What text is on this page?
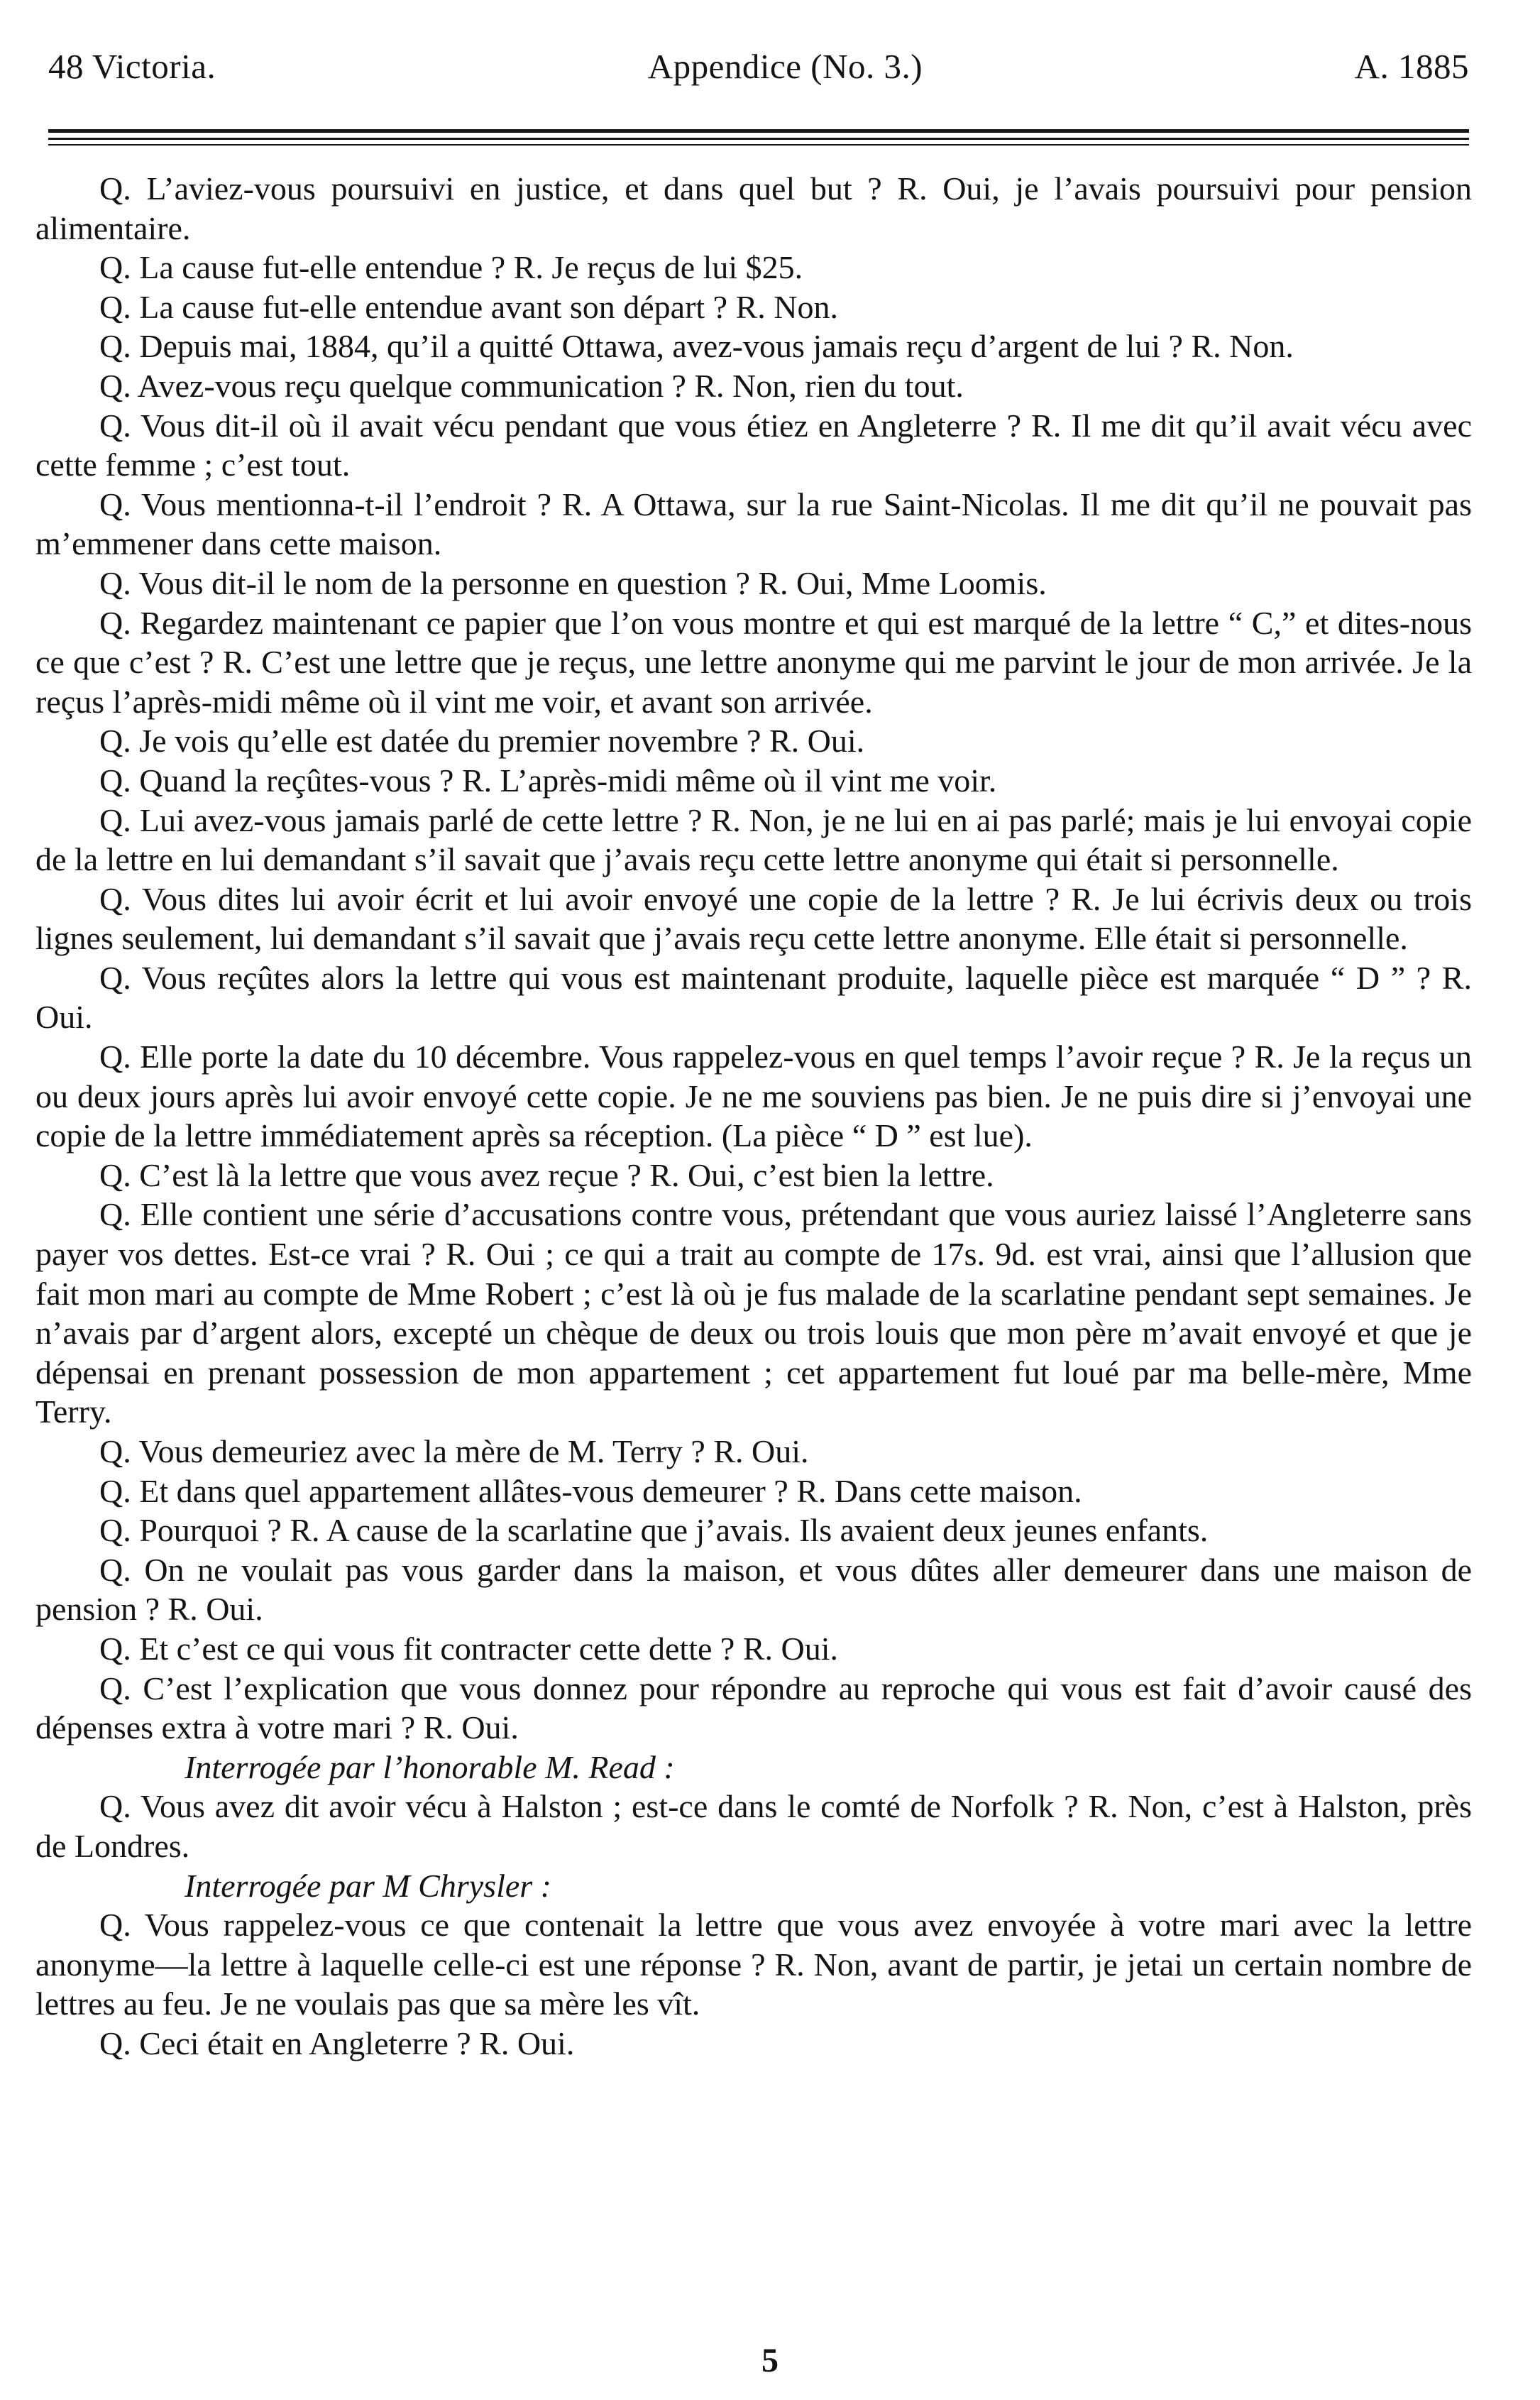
48 Victoria.	Appendice (No. 3.)	A. 1885

Q. L’aviez-vous poursuivi en justice, et dans quel but ? R. Oui, je l’avais poursuivi pour pension alimentaire.

Q. La cause fut-elle entendue ? R. Je reçus de lui $25.

Q. La cause fut-elle entendue avant son départ ? R. Non.

Q. Depuis mai, 1884, qu’il a quitté Ottawa, avez-vous jamais reçu d’argent de lui ? R. Non.

Q. Avez-vous reçu quelque communication ? R. Non, rien du tout.

Q. Vous dit-il où il avait vécu pendant que vous étiez en Angleterre ? R. Il me dit qu’il avait vécu avec cette femme ; c’est tout.

Q. Vous mentionna-t-il l’endroit ? R. A Ottawa, sur la rue Saint-Nicolas. Il me dit qu’il ne pouvait pas m’emmener dans cette maison.

Q. Vous dit-il le nom de la personne en question ? R. Oui, Mme Loomis.

Q. Regardez maintenant ce papier que l’on vous montre et qui est marqué de la lettre “ C,” et dites-nous ce que c’est ? R. C’est une lettre que je reçus, une lettre anonyme qui me parvint le jour de mon arrivée. Je la reçus l’après-midi même où il vint me voir, et avant son arrivée.

Q. Je vois qu’elle est datée du premier novembre ? R. Oui.

Q. Quand la reçûtes-vous ? R. L’après-midi même où il vint me voir.

Q. Lui avez-vous jamais parlé de cette lettre ? R. Non, je ne lui en ai pas parlé; mais je lui envoyai copie de la lettre en lui demandant s’il savait que j’avais reçu cette lettre anonyme qui était si personnelle.

Q. Vous dites lui avoir écrit et lui avoir envoyé une copie de la lettre ? R. Je lui écrivis deux ou trois lignes seulement, lui demandant s’il savait que j’avais reçu cette lettre anonyme. Elle était si personnelle.

Q. Vous reçûtes alors la lettre qui vous est maintenant produite, laquelle pièce est marquée “ D ” ? R. Oui.

Q. Elle porte la date du 10 décembre. Vous rappelez-vous en quel temps l’avoir reçue ? R. Je la reçus un ou deux jours après lui avoir envoyé cette copie. Je ne me souviens pas bien. Je ne puis dire si j’envoyai une copie de la lettre immédiatement après sa réception. (La pièce “ D ” est lue).

Q. C’est là la lettre que vous avez reçue ? R. Oui, c’est bien la lettre.

Q. Elle contient une série d’accusations contre vous, prétendant que vous auriez laissé l’Angleterre sans payer vos dettes. Est-ce vrai ? R. Oui ; ce qui a trait au compte de 17s. 9d. est vrai, ainsi que l’allusion que fait mon mari au compte de Mme Robert ; c’est là où je fus malade de la scarlatine pendant sept semaines. Je n’avais par d’argent alors, excepté un chèque de deux ou trois louis que mon père m’avait envoyé et que je dépensai en prenant possession de mon appartement ; cet appartement fut loué par ma belle-mère, Mme Terry.

Q. Vous demeuriez avec la mère de M. Terry ? R. Oui.

Q. Et dans quel appartement allâtes-vous demeurer ? R. Dans cette maison.

Q. Pourquoi ? R. A cause de la scarlatine que j’avais. Ils avaient deux jeunes enfants.

Q. On ne voulait pas vous garder dans la maison, et vous dûtes aller demeurer dans une maison de pension ? R. Oui.

Q. Et c’est ce qui vous fit contracter cette dette ? R. Oui.

Q. C’est l’explication que vous donnez pour répondre au reproche qui vous est fait d’avoir causé des dépenses extra à votre mari ? R. Oui.

Interrogée par l’honorable M. Read :

Q. Vous avez dit avoir vécu à Halston ; est-ce dans le comté de Norfolk ? R. Non, c’est à Halston, près de Londres.

Interrogée par M Chrysler :

Q. Vous rappelez-vous ce que contenait la lettre que vous avez envoyée à votre mari avec la lettre anonyme—la lettre à laquelle celle-ci est une réponse ? R. Non, avant de partir, je jetai un certain nombre de lettres au feu. Je ne voulais pas que sa mère les vît.

Q. Ceci était en Angleterre ? R. Oui.

5
